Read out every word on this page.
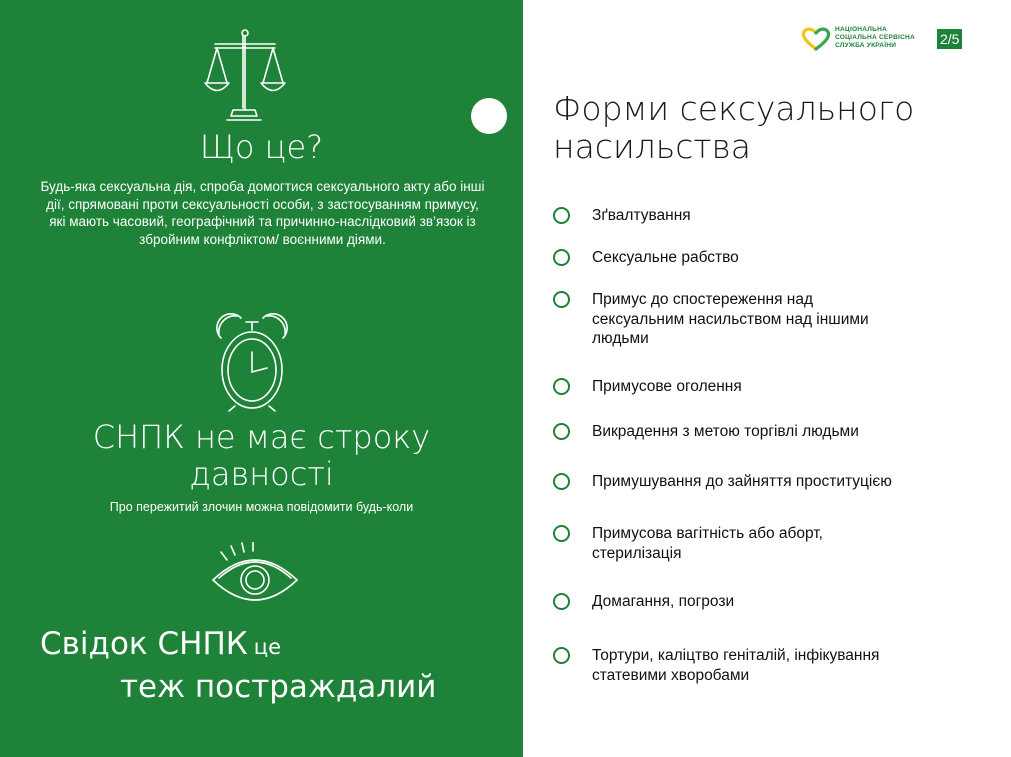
Що це?
Будь-яка сексуальна дія, спроба домогтися сексуального акту або інші дії, спрямовані проти сексуальності особи, з застосуванням примусу, які мають часовий, географічний та причинно-наслідковий зв’язок із збройним конфліктом/ воєнними діями.
СНПК не має строку
давності
Про пережитий злочин можна повідомити будь-коли
Свідок СНПК це
теж постраждалий
НАЦІОНАЛЬНА
СОЦІАЛЬНА СЕРВІСНА
СЛУЖБА УКРАЇНИ	2/5
Форми сексуального
насильства
Зґвалтування
Сексуальне рабство
Примус до спостереження над сексуальним насильством над іншими людьми
Примусове оголення
Викрадення з метою торгівлі людьми
Примушування до зайняття проституцією
Примусова вагітність або аборт, стерилізація
Домагання, погрози
Тортури, каліцтво геніталій, інфікування статевими хворобами
